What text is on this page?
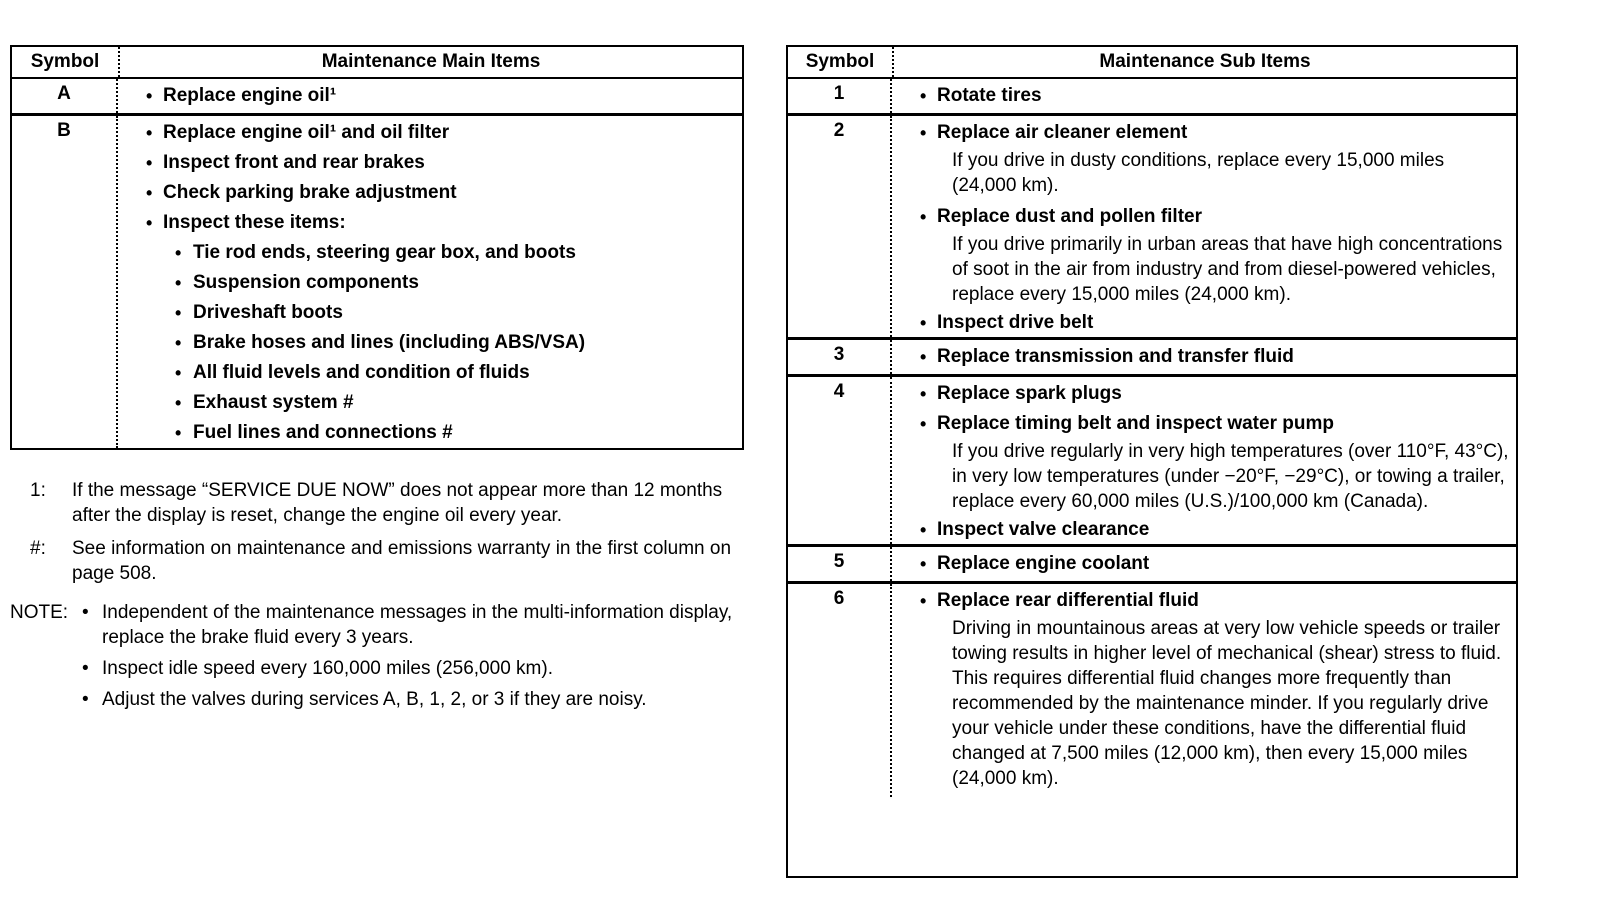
Symbol	Maintenance Main Items
A	• Replace engine oil¹
B	• Replace engine oil¹ and oil filter
• Inspect front and rear brakes
• Check parking brake adjustment
• Inspect these items:
• Tie rod ends, steering gear box, and boots
• Suspension components
• Driveshaft boots
• Brake hoses and lines (including ABS/VSA)
• All fluid levels and condition of fluids
• Exhaust system #
• Fuel lines and connections #
1: If the message “SERVICE DUE NOW” does not appear more than 12 months after the display is reset, change the engine oil every year.
#: See information on maintenance and emissions warranty in the first column on page 508.
NOTE: • Independent of the maintenance messages in the multi-information display, replace the brake fluid every 3 years.
• Inspect idle speed every 160,000 miles (256,000 km).
• Adjust the valves during services A, B, 1, 2, or 3 if they are noisy.
Symbol	Maintenance Sub Items
1	• Rotate tires
2	• Replace air cleaner element
If you drive in dusty conditions, replace every 15,000 miles (24,000 km).
• Replace dust and pollen filter
If you drive primarily in urban areas that have high concentrations of soot in the air from industry and from diesel-powered vehicles, replace every 15,000 miles (24,000 km).
• Inspect drive belt
3	• Replace transmission and transfer fluid
4	• Replace spark plugs
• Replace timing belt and inspect water pump
If you drive regularly in very high temperatures (over 110°F, 43°C), in very low temperatures (under −20°F, −29°C), or towing a trailer, replace every 60,000 miles (U.S.)/100,000 km (Canada).
• Inspect valve clearance
5	• Replace engine coolant
6	• Replace rear differential fluid
Driving in mountainous areas at very low vehicle speeds or trailer towing results in higher level of mechanical (shear) stress to fluid. This requires differential fluid changes more frequently than recommended by the maintenance minder. If you regularly drive your vehicle under these conditions, have the differential fluid changed at 7,500 miles (12,000 km), then every 15,000 miles (24,000 km).
